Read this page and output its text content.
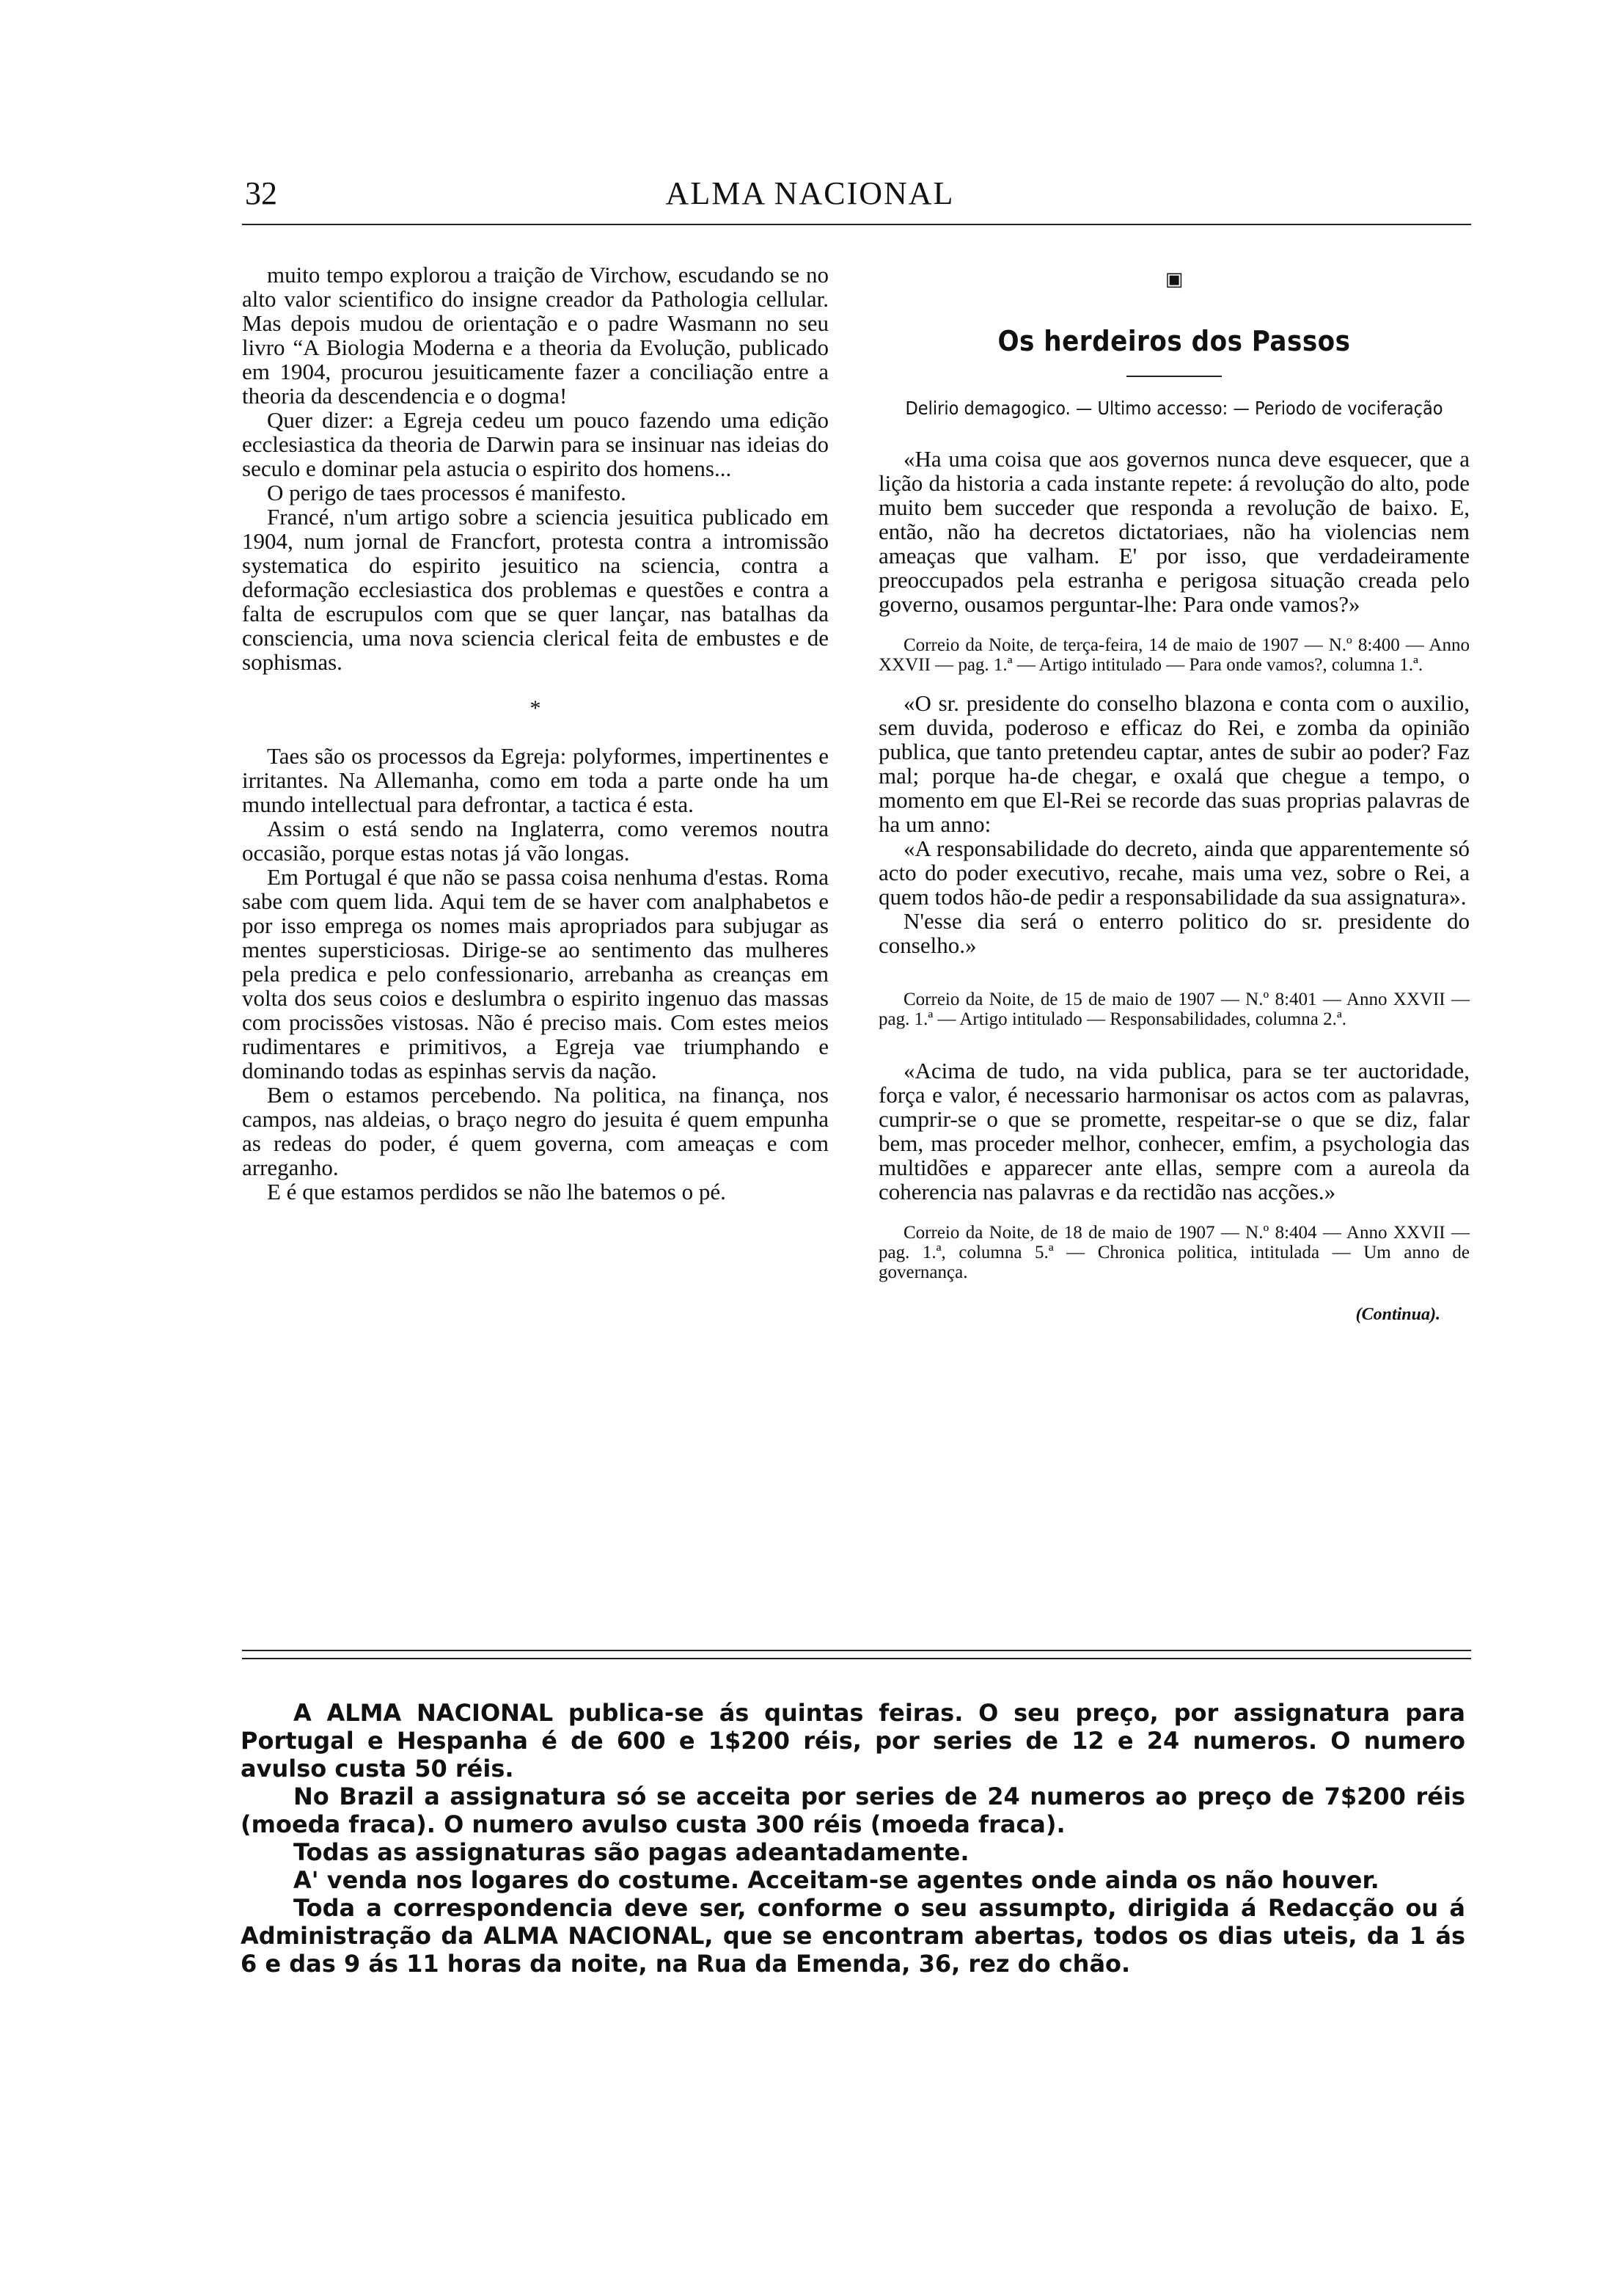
32	ALMA NACIONAL

muito tempo explorou a traição de Virchow, escudando se no alto valor scientifico do insigne creador da Pathologia cellular. Mas depois mudou de orientação e o padre Wasmann no seu livro “A Biologia Moderna e a theoria da Evolução, publicado em 1904, procurou jesuiticamente fazer a conciliação entre a theoria da descendencia e o dogma!

Quer dizer: a Egreja cedeu um pouco fazendo uma edição ecclesiastica da theoria de Darwin para se insinuar nas ideias do seculo e dominar pela astucia o espirito dos homens...

O perigo de taes processos é manifesto.

Francé, n'um artigo sobre a sciencia jesuitica publicado em 1904, num jornal de Francfort, protesta contra a intromissão systematica do espirito jesuitico na sciencia, contra a deformação ecclesiastica dos problemas e questões e contra a falta de escrupulos com que se quer lançar, nas batalhas da consciencia, uma nova sciencia clerical feita de embustes e de sophismas.

*

Taes são os processos da Egreja: polyformes, impertinentes e irritantes. Na Allemanha, como em toda a parte onde ha um mundo intellectual para defrontar, a tactica é esta.

Assim o está sendo na Inglaterra, como veremos noutra occasião, porque estas notas já vão longas.

Em Portugal é que não se passa coisa nenhuma d'estas. Roma sabe com quem lida. Aqui tem de se haver com analphabetos e por isso emprega os nomes mais apropriados para subjugar as mentes supersticiosas. Dirige-se ao sentimento das mulheres pela predica e pelo confessionario, arrebanha as creanças em volta dos seus coios e deslumbra o espirito ingenuo das massas com procissões vistosas. Não é preciso mais. Com estes meios rudimentares e primitivos, a Egreja vae triumphando e dominando todas as espinhas servis da nação.

Bem o estamos percebendo. Na politica, na finança, nos campos, nas aldeias, o braço negro do jesuita é quem empunha as redeas do poder, é quem governa, com ameaças e com arreganho.

E é que estamos perdidos se não lhe batemos o pé.

▣
Os herdeiros dos Passos
Delirio demagogico. — Ultimo accesso: — Periodo de vociferação

«Ha uma coisa que aos governos nunca deve esquecer, que a lição da historia a cada instante repete: á revolução do alto, pode muito bem succeder que responda a revolução de baixo. E, então, não ha decretos dictatoriaes, não ha violencias nem ameaças que valham. E' por isso, que verdadeiramente preoccupados pela estranha e perigosa situação creada pelo governo, ousamos perguntar-lhe: Para onde vamos?»

Correio da Noite, de terça-feira, 14 de maio de 1907 — N.º 8:400 — Anno XXVII — pag. 1.ª — Artigo intitulado — Para onde vamos?, columna 1.ª.

«O sr. presidente do conselho blazona e conta com o auxilio, sem duvida, poderoso e efficaz do Rei, e zomba da opinião publica, que tanto pretendeu captar, antes de subir ao poder? Faz mal; porque ha-de chegar, e oxalá que chegue a tempo, o momento em que El-Rei se recorde das suas proprias palavras de ha um anno:

«A responsabilidade do decreto, ainda que apparentemente só acto do poder executivo, recahe, mais uma vez, sobre o Rei, a quem todos hão-de pedir a responsabilidade da sua assignatura».

N'esse dia será o enterro politico do sr. presidente do conselho.»

Correio da Noite, de 15 de maio de 1907 — N.º 8:401 — Anno XXVII — pag. 1.ª — Artigo intitulado — Responsabilidades, columna 2.ª.

«Acima de tudo, na vida publica, para se ter auctoridade, força e valor, é necessario harmonisar os actos com as palavras, cumprir-se o que se promette, respeitar-se o que se diz, falar bem, mas proceder melhor, conhecer, emfim, a psychologia das multidões e apparecer ante ellas, sempre com a aureola da coherencia nas palavras e da rectidão nas acções.»

Correio da Noite, de 18 de maio de 1907 — N.º 8:404 — Anno XXVII — pag. 1.ª, columna 5.ª — Chronica politica, intitulada — Um anno de governança.

(Continua).

A ALMA NACIONAL publica-se ás quintas feiras. O seu preço, por assignatura para Portugal e Hespanha é de 600 e 1$200 réis, por series de 12 e 24 numeros. O numero avulso custa 50 réis.

No Brazil a assignatura só se acceita por series de 24 numeros ao preço de 7$200 réis (moeda fraca). O numero avulso custa 300 réis (moeda fraca).

Todas as assignaturas são pagas adeantadamente.

A' venda nos logares do costume. Acceitam-se agentes onde ainda os não houver.

Toda a correspondencia deve ser, conforme o seu assumpto, dirigida á Redacção ou á Administração da ALMA NACIONAL, que se encontram abertas, todos os dias uteis, da 1 ás 6 e das 9 ás 11 horas da noite, na Rua da Emenda, 36, rez do chão.
